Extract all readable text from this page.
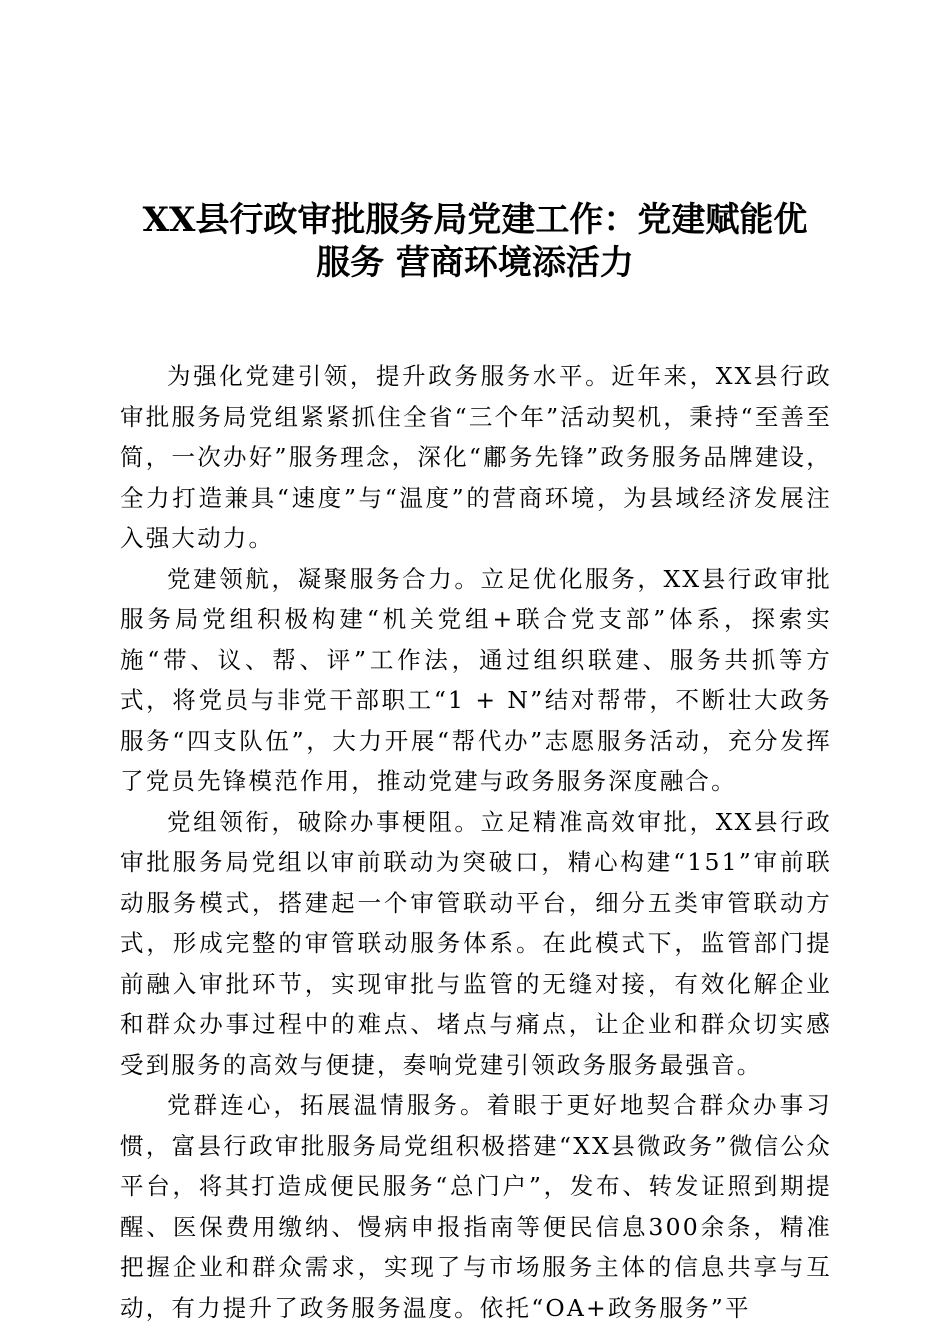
XX县行政审批服务局党建工作：党建赋能优
服务 营商环境添活力

为强化党建引领，提升政务服务水平。近年来，XX县行政审批服务局党组紧紧抓住全省“三个年”活动契机，秉持“至善至简，一次办好”服务理念，深化“鄘务先锋”政务服务品牌建设，全力打造兼具“速度”与“温度”的营商环境，为县域经济发展注入强大动力。

党建领航，凝聚服务合力。立足优化服务，XX县行政审批服务局党组积极构建“机关党组+联合党支部”体系，探索实施“带、议、帮、评”工作法，通过组织联建、服务共抓等方式，将党员与非党干部职工“1 + N”结对帮带，不断壮大政务服务“四支队伍”，大力开展“帮代办”志愿服务活动，充分发挥了党员先锋模范作用，推动党建与政务服务深度融合。

党组领衔，破除办事梗阻。立足精准高效审批，XX县行政审批服务局党组以审前联动为突破口，精心构建“151”审前联动服务模式，搭建起一个审管联动平台，细分五类审管联动方式，形成完整的审管联动服务体系。在此模式下，监管部门提前融入审批环节，实现审批与监管的无缝对接，有效化解企业和群众办事过程中的难点、堵点与痛点，让企业和群众切实感受到服务的高效与便捷，奏响党建引领政务服务最强音。

党群连心，拓展温情服务。着眼于更好地契合群众办事习惯，富县行政审批服务局党组积极搭建“XX县微政务”微信公众平台，将其打造成便民服务“总门户”，发布、转发证照到期提醒、医保费用缴纳、慢病申报指南等便民信息300余条，精准把握企业和群众需求，实现了与市场服务主体的信息共享与互动，有力提升了政务服务温度。依托“OA+政务服务”平
